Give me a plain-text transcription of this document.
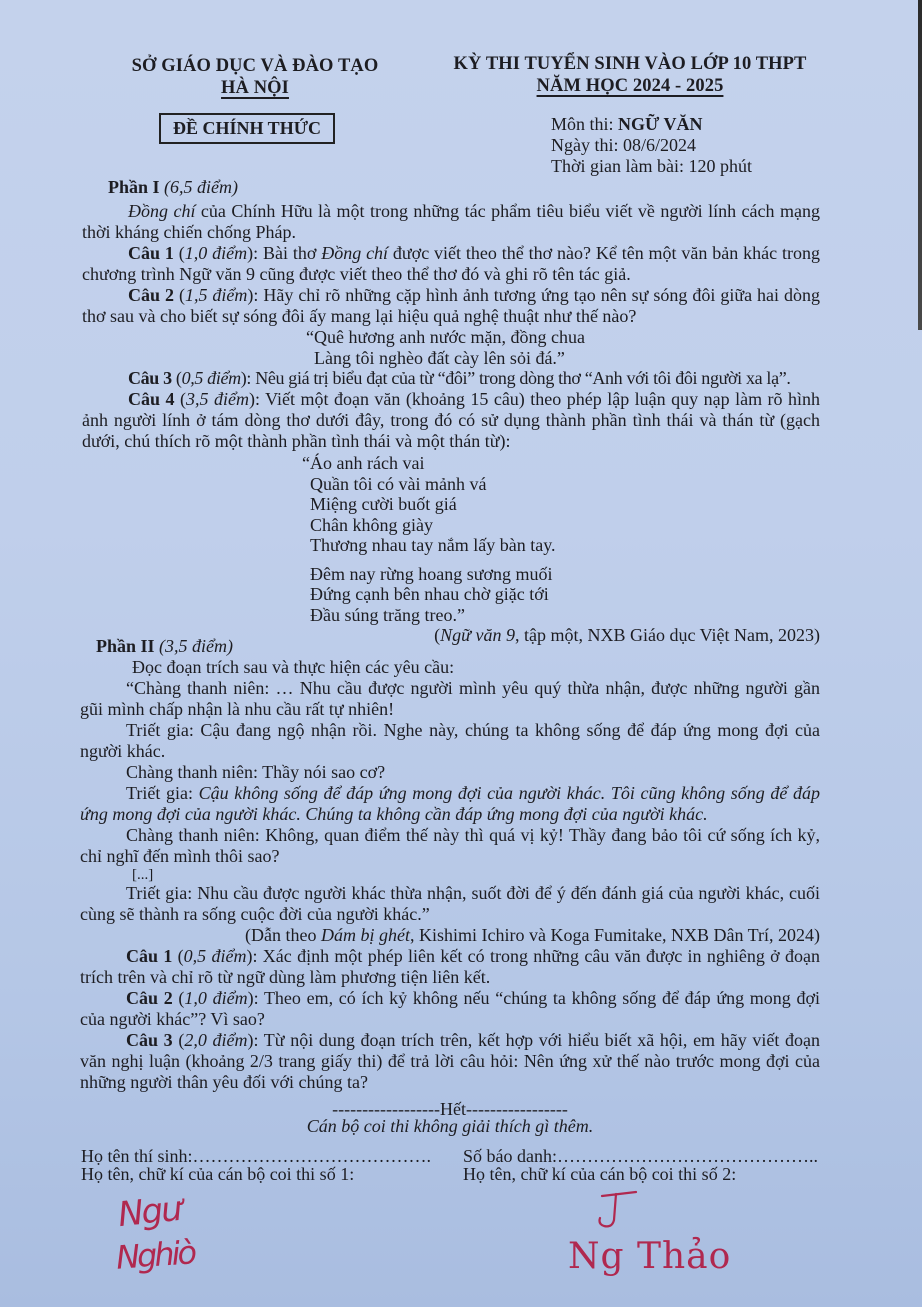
SỞ GIÁO DỤC VÀ ĐÀO TẠO
HÀ NỘI
ĐỀ CHÍNH THỨC
KỲ THI TUYỂN SINH VÀO LỚP 10 THPT
NĂM HỌC 2024 - 2025
Môn thi: NGỮ VĂN
Ngày thi: 08/6/2024
Thời gian làm bài: 120 phút
Phần I (6,5 điểm)
Đồng chí của Chính Hữu là một trong những tác phẩm tiêu biểu viết về người lính cách mạng thời kháng chiến chống Pháp.
Câu 1 (1,0 điểm): Bài thơ Đồng chí được viết theo thể thơ nào? Kể tên một văn bản khác trong chương trình Ngữ văn 9 cũng được viết theo thể thơ đó và ghi rõ tên tác giả.
Câu 2 (1,5 điểm): Hãy chỉ rõ những cặp hình ảnh tương ứng tạo nên sự sóng đôi giữa hai dòng thơ sau và cho biết sự sóng đôi ấy mang lại hiệu quả nghệ thuật như thế nào?
“Quê hương anh nước mặn, đồng chua
Làng tôi nghèo đất cày lên sỏi đá.”
Câu 3 (0,5 điểm): Nêu giá trị biểu đạt của từ “đôi” trong dòng thơ “Anh với tôi đôi người xa lạ”.
Câu 4 (3,5 điểm): Viết một đoạn văn (khoảng 15 câu) theo phép lập luận quy nạp làm rõ hình ảnh người lính ở tám dòng thơ dưới đây, trong đó có sử dụng thành phần tình thái và thán từ (gạch dưới, chú thích rõ một thành phần tình thái và một thán từ):
“Áo anh rách vai
Quần tôi có vài mảnh vá
Miệng cười buốt giá
Chân không giày
Thương nhau tay nắm lấy bàn tay.
Đêm nay rừng hoang sương muối
Đứng cạnh bên nhau chờ giặc tới
Đầu súng trăng treo.”
(Ngữ văn 9, tập một, NXB Giáo dục Việt Nam, 2023)
Phần II (3,5 điểm)
Đọc đoạn trích sau và thực hiện các yêu cầu:
“Chàng thanh niên: … Nhu cầu được người mình yêu quý thừa nhận, được những người gần gũi mình chấp nhận là nhu cầu rất tự nhiên!
Triết gia: Cậu đang ngộ nhận rồi. Nghe này, chúng ta không sống để đáp ứng mong đợi của người khác.
Chàng thanh niên: Thầy nói sao cơ?
Triết gia: Cậu không sống để đáp ứng mong đợi của người khác. Tôi cũng không sống để đáp ứng mong đợi của người khác. Chúng ta không cần đáp ứng mong đợi của người khác.
Chàng thanh niên: Không, quan điểm thế này thì quá vị kỷ! Thầy đang bảo tôi cứ sống ích kỷ, chỉ nghĩ đến mình thôi sao?
[...]
Triết gia: Nhu cầu được người khác thừa nhận, suốt đời để ý đến đánh giá của người khác, cuối cùng sẽ thành ra sống cuộc đời của người khác.”
(Dẫn theo Dám bị ghét, Kishimi Ichiro và Koga Fumitake, NXB Dân Trí, 2024)
Câu 1 (0,5 điểm): Xác định một phép liên kết có trong những câu văn được in nghiêng ở đoạn trích trên và chỉ rõ từ ngữ dùng làm phương tiện liên kết.
Câu 2 (1,0 điểm): Theo em, có ích kỷ không nếu “chúng ta không sống để đáp ứng mong đợi của người khác”? Vì sao?
Câu 3 (2,0 điểm): Từ nội dung đoạn trích trên, kết hợp với hiểu biết xã hội, em hãy viết đoạn văn nghị luận (khoảng 2/3 trang giấy thi) để trả lời câu hỏi: Nên ứng xử thế nào trước mong đợi của những người thân yêu đối với chúng ta?
------------------Hết-----------------
Cán bộ coi thi không giải thích gì thêm.
Họ tên thí sinh:…………………………………. Số báo danh:……………………………………..
Họ tên, chữ kí của cán bộ coi thi số 1:	Họ tên, chữ kí của cán bộ coi thi số 2:
Ngư
Nghiò	Ng Thảo
